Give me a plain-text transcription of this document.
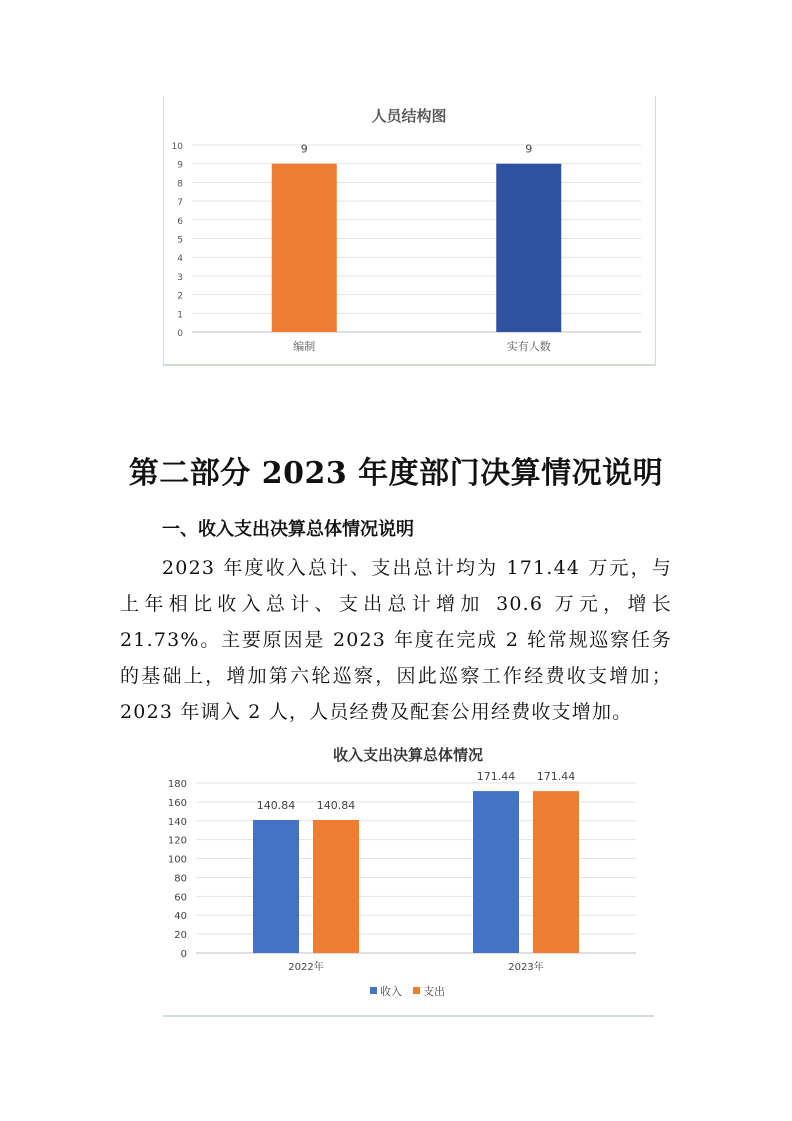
人员结构图
0
1
2
3
4
5
6
7
8
9
10	9
编制
9
实有人数
第二部分 2023 年度部门决算情况说明
一、收入支出决算总体情况说明

2023 年度收入总计、支出总计均为 171.44 万元，与上年相比收入总计、支出总计增加 30.6 万元，增长 21.73%。主要原因是 2023 年度在完成 2 轮常规巡察任务的基础上，增加第六轮巡察，因此巡察工作经费收支增加；2023 年调入 2 人，人员经费及配套公用经费收支增加。

收入支出决算总体情况
0
20
40
60
80
100
120
140
160
180
140.84 140.84
2022年
171.44 171.44
2023年
收入 支出
